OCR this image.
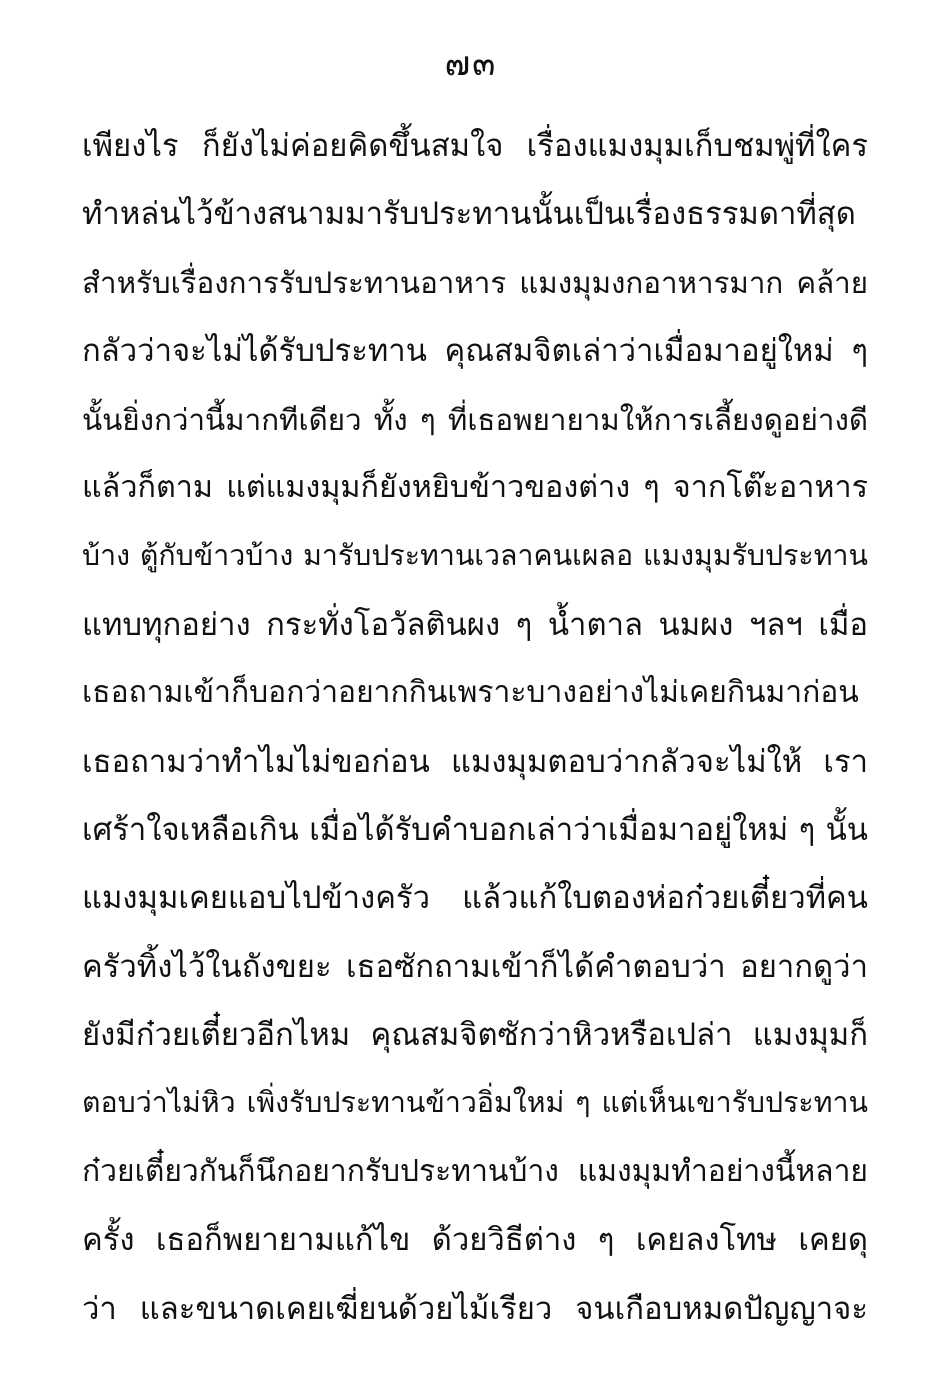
๗๓
เพียงไร ก็ยังไม่ค่อยคิดขึ้นสมใจ เรื่องแมงมุมเก็บชมพู่ที่ใคร
ทำหล่นไว้ข้างสนามมารับประทานนั้นเป็นเรื่องธรรมดาที่สุด
สำหรับเรื่องการรับประทานอาหาร แมงมุมงกอาหารมาก คล้าย
กลัวว่าจะไม่ได้รับประทาน คุณสมจิตเล่าว่าเมื่อมาอยู่ใหม่ ๆ
นั้นยิ่งกว่านี้มากทีเดียว ทั้ง ๆ ที่เธอพยายามให้การเลี้ยงดูอย่างดี
แล้วก็ตาม แต่แมงมุมก็ยังหยิบข้าวของต่าง ๆ จากโต๊ะอาหาร
บ้าง ตู้กับข้าวบ้าง มารับประทานเวลาคนเผลอ แมงมุมรับประทาน
แทบทุกอย่าง กระทั่งโอวัลตินผง ๆ น้ำตาล นมผง ฯลฯ เมื่อ
เธอถามเข้าก็บอกว่าอยากกินเพราะบางอย่างไม่เคยกินมาก่อน
เธอถามว่าทำไมไม่ขอก่อน แมงมุมตอบว่ากลัวจะไม่ให้ เรา
เศร้าใจเหลือเกิน เมื่อได้รับคำบอกเล่าว่าเมื่อมาอยู่ใหม่ ๆ นั้น
แมงมุมเคยแอบไปข้างครัว แล้วแก้ใบตองห่อก๋วยเตี๋ยวที่คน
ครัวทิ้งไว้ในถังขยะ เธอซักถามเข้าก็ได้คำตอบว่า อยากดูว่า
ยังมีก๋วยเตี๋ยวอีกไหม คุณสมจิตซักว่าหิวหรือเปล่า แมงมุมก็
ตอบว่าไม่หิว เพิ่งรับประทานข้าวอิ่มใหม่ ๆ แต่เห็นเขารับประทาน
ก๋วยเตี๋ยวกันก็นึกอยากรับประทานบ้าง แมงมุมทำอย่างนี้หลาย
ครั้ง เธอก็พยายามแก้ไข ด้วยวิธีต่าง ๆ เคยลงโทษ เคยดุ
ว่า และขนาดเคยเฆี่ยนด้วยไม้เรียว จนเกือบหมดปัญญาจะ
